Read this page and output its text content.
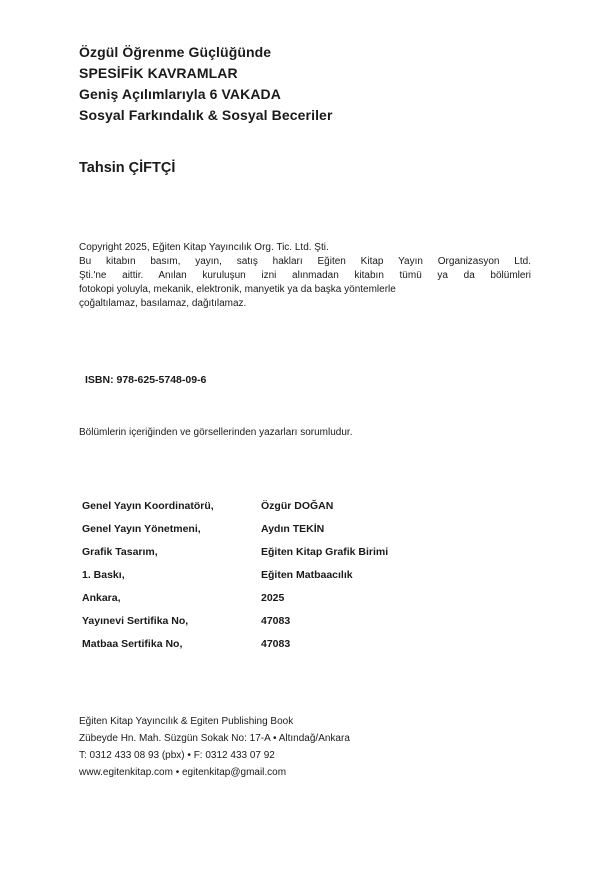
Özgül Öğrenme Güçlüğünde
SPESİFİK KAVRAMLAR
Geniş Açılımlarıyla 6 VAKADA
Sosyal Farkındalık & Sosyal Beceriler
Tahsin ÇİFTÇİ

Copyright 2025, Eğiten Kitap Yayıncılık Org. Tic. Ltd. Şti.

Bu kitabın basım, yayın, satış hakları Eğiten Kitap Yayın Organizasyon Ltd.

Şti.'ne aittir. Anılan kuruluşun izni alınmadan kitabın tümü ya da bölümleri

fotokopi yoluyla, mekanik, elektronik, manyetik ya da başka yöntemlerle

çoğaltılamaz, basılamaz, dağıtılamaz.

ISBN: 978-625-5748-09-6
Bölümlerin içeriğinden ve görsellerinden yazarları sorumludur.
Genel Yayın Koordinatörü,	Özgür DOĞAN
Genel Yayın Yönetmeni,	Aydın TEKİN
Grafik Tasarım,	Eğiten Kitap Grafik Birimi
1. Baskı,	Eğiten Matbaacılık
Ankara,	2025
Yayınevi Sertifika No,	47083
Matbaa Sertifika No,	47083
Eğiten Kitap Yayıncılık & Egiten Publishing Book
Zübeyde Hn. Mah. Süzgün Sokak No: 17-A • Altındağ/Ankara
T: 0312 433 08 93 (pbx) • F: 0312 433 07 92
www.egitenkitap.com • egitenkitap@gmail.com
